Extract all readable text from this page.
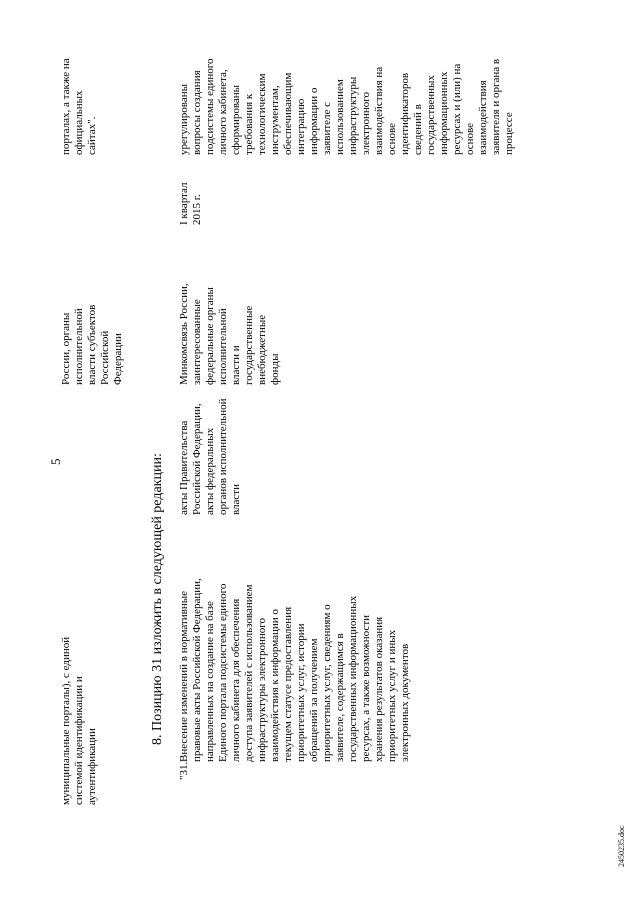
5
муниципальные порталы), с единой
системой идентификации и
аутентификации
России, органы
исполнительной
власти субъектов
Российской
Федерации
порталах, а также на
официальных
сайтах".
8. Позицию 31 изложить в следующей редакции:
"31.
Внесение изменений в нормативные
правовые акты Российской Федерации,
направленных на создание на базе
Единого портала подсистемы единого
личного кабинета для обеспечения
доступа заявителей с использованием
инфраструктуры электронного
взаимодействия к информации о
текущем статусе предоставления
приоритетных услуг, истории
обращений за получением
приоритетных услуг, сведениям о
заявителе, содержащимся в
государственных информационных
ресурсах, а также возможности
хранения результатов оказания
приоритетных услуг и иных
электронных документов
акты Правительства
Российской Федерации,
акты федеральных
органов исполнительной
власти
Минкомсвязь России,
заинтересованные
федеральные органы
исполнительной
власти и
государственные
внебюджетные
фонды
I квартал
2015 г.
урегулированы
вопросы создания
подсистемы единого
личного кабинета,
сформированы
требования к
технологическим
инструментам,
обеспечивающим
интеграцию
информации о
заявителе с
использованием
инфраструктуры
электронного
взаимодействия на
основе
идентификаторов
сведений в
государственных
информационных
ресурсах и (или) на
основе
взаимодействия
заявителя и органа в
процессе
2450235.doc
